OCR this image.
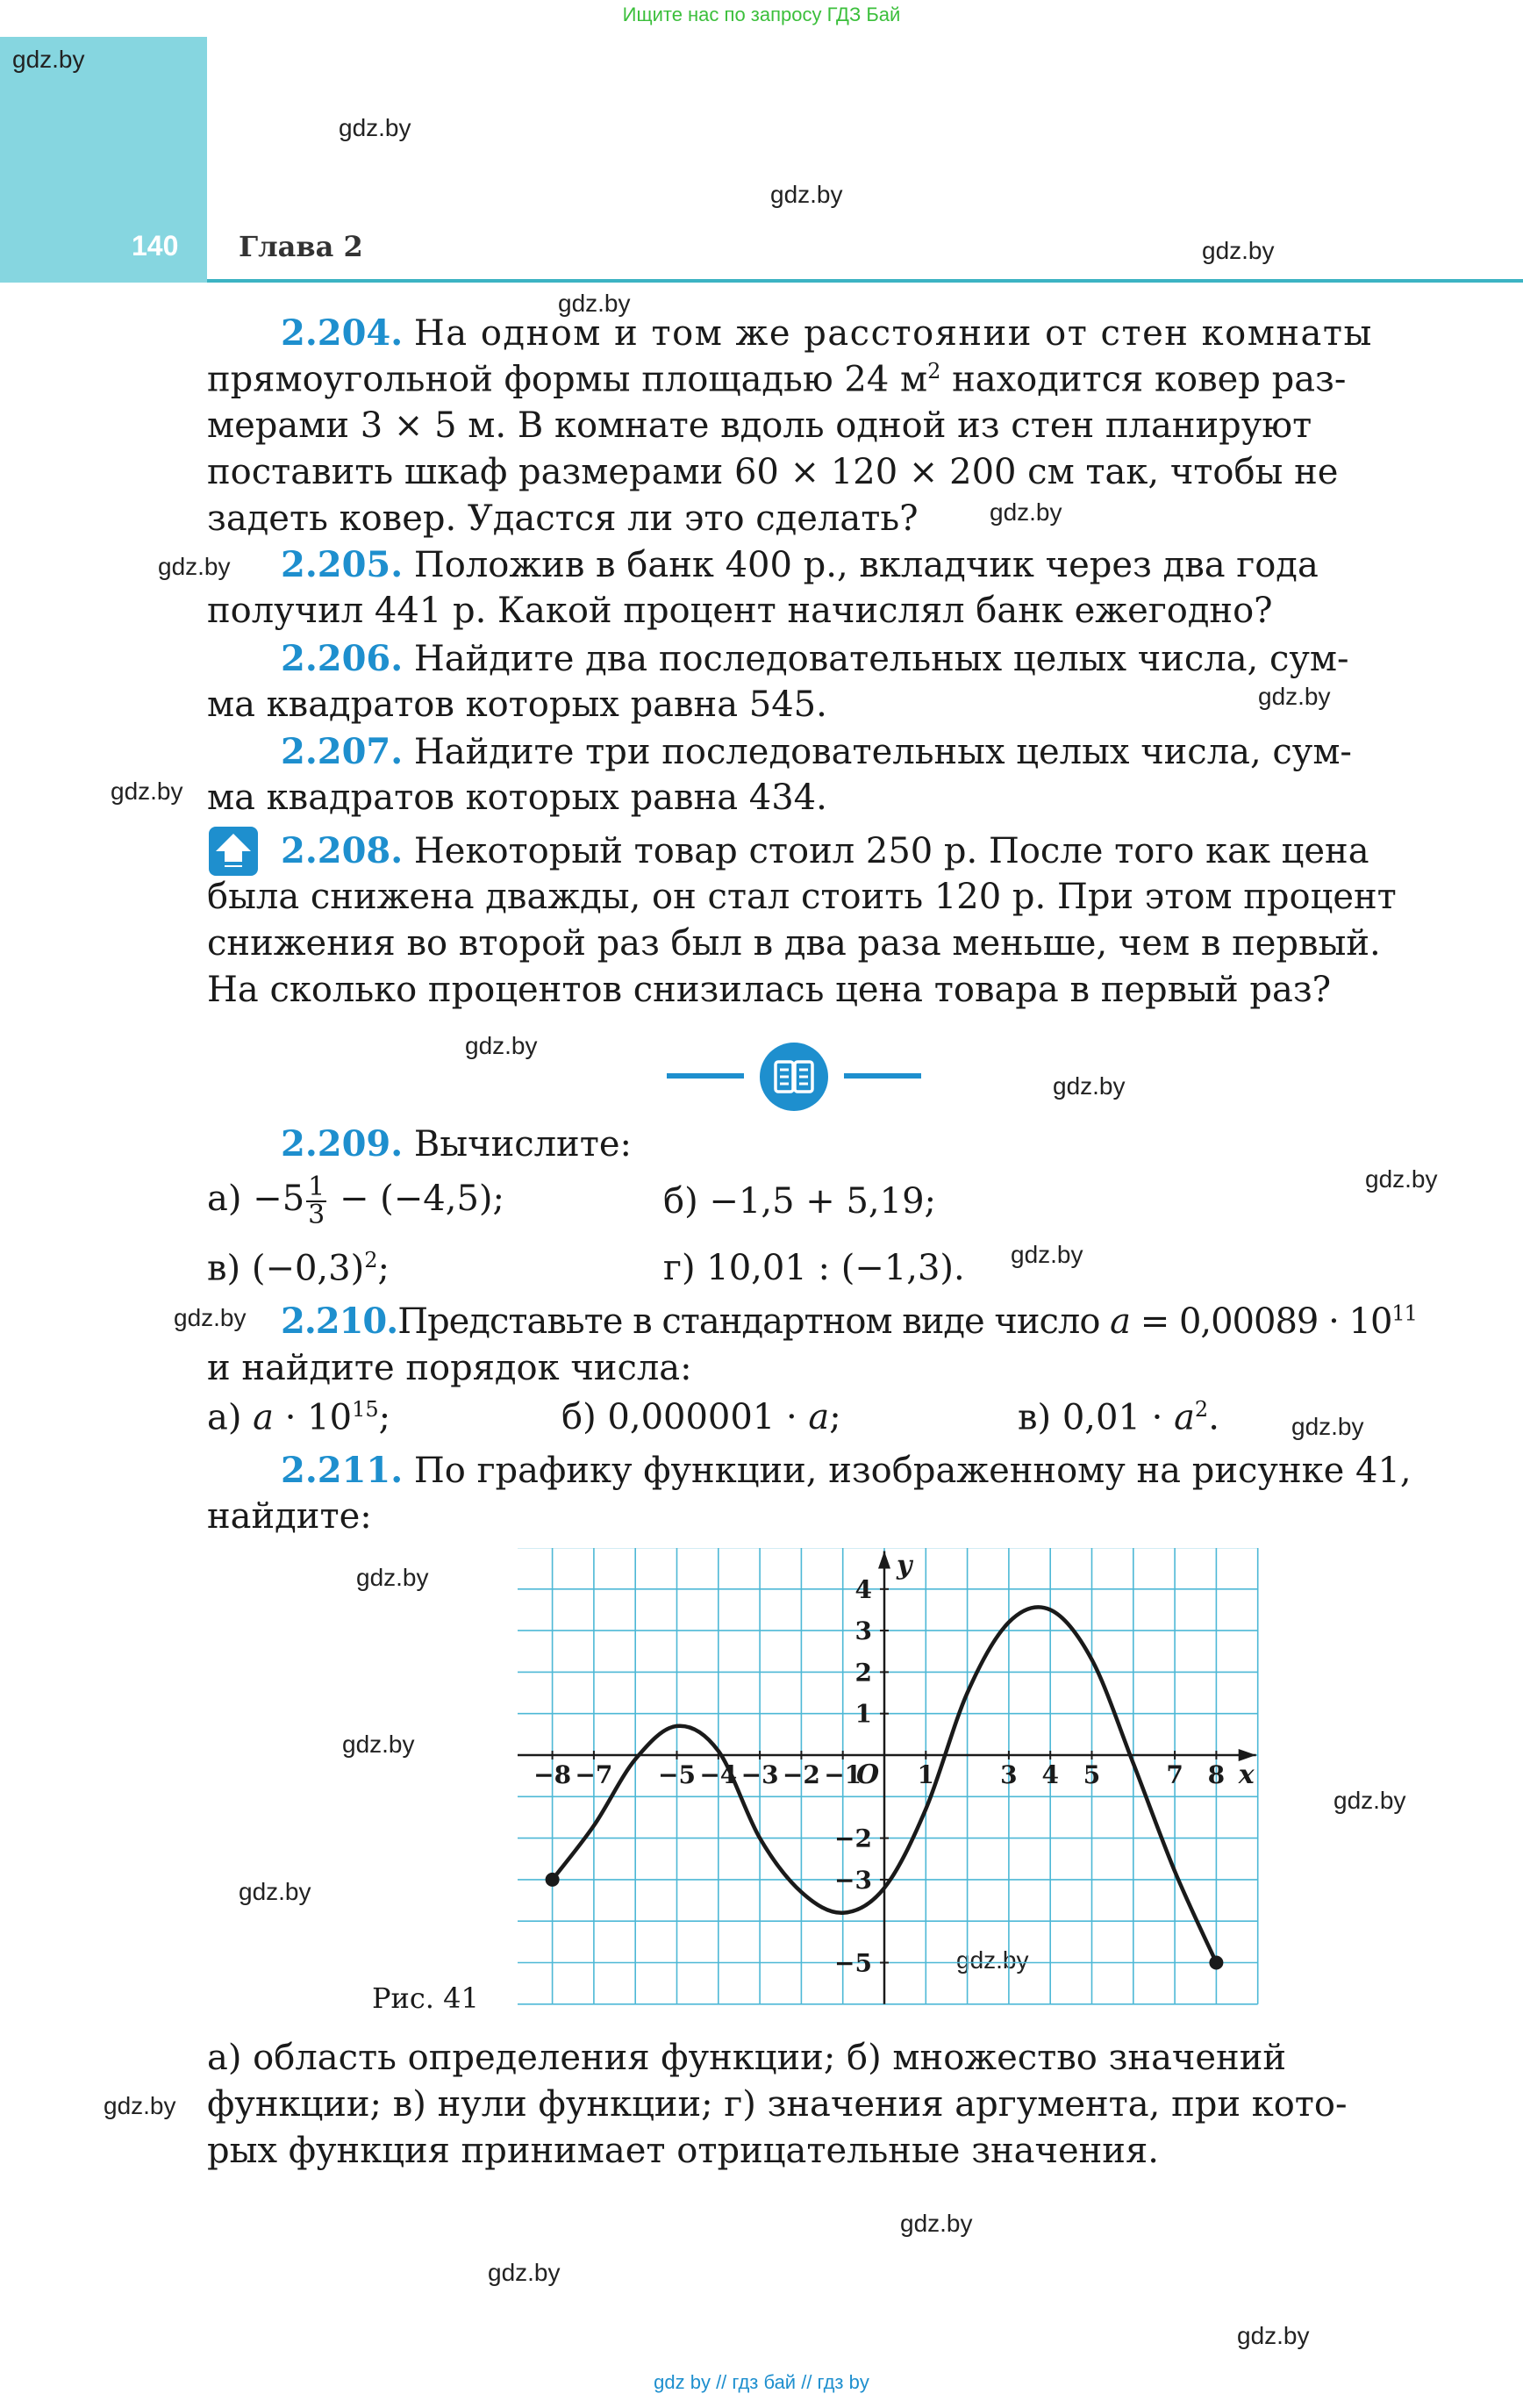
Ищите нас по запросу ГДЗ Бай
140 Глава 2
gdz.by
gdz.by
gdz.by
gdz.by
gdz.by
gdz.by
gdz.by
gdz.by
gdz.by
gdz.by
gdz.by
gdz.by
gdz.by
gdz.by
gdz.by
gdz.by
gdz.by
gdz.by
gdz.by
gdz.by
gdz.by
gdz.by
gdz.by
gdz.by
2.204. На одном и том же расстоянии от стен комнаты
прямоугольной формы площадью 24 $м^2$ находится ковер раз-
мерами 3 × 5 м. В комнате вдоль одной из стен планируют
поставить шкаф размерами 60 × 120 × 200 см так, чтобы не
задеть ковер. Удастся ли это сделать?
2.205. Положив в банк 400 р., вкладчик через два года
получил 441 р. Какой процент начислял банк ежегодно?
2.206. Найдите два последовательных целых числа, сум-
ма квадратов которых равна 545.
2.207. Найдите три последовательных целых числа, сум-
ма квадратов которых равна 434.
2.208. Некоторый товар стоил 250 р. После того как цена
была снижена дважды, он стал стоить 120 р. При этом процент
снижения во второй раз был в два раза меньше, чем в первый.
На сколько процентов снизилась цена товара в первый раз?
2.209. Вычислите:
$а) -5 \frac{1}{3} - (-4,5)$;	б) −1,5 + 5,19;
в) $(-0,3)^2$;	г) 10,01 : (−1,3).
2.210.Представьте в стандартном виде число $a = 0,00089 \cdot 10^{11}$
и найдите порядок числа:
а) $a \cdot 10^{15}$;	б) 0,000001 · a;	в) $0,01 \cdot a^2$.
2.211. По графику функции, изображенному на рисунке 41,
найдите:
−8 −7 −5 −4 −3 −2 −1 1	3 4 5	7 8
4
3
2
1
−2
−3
−5
O	x
y
Рис. 41
а) область определения функции; б) множество значений
функции; в) нули функции; г) значения аргумента, при кото-
рых функция принимает отрицательные значения.
gdz by // гдз бай // гдз by
